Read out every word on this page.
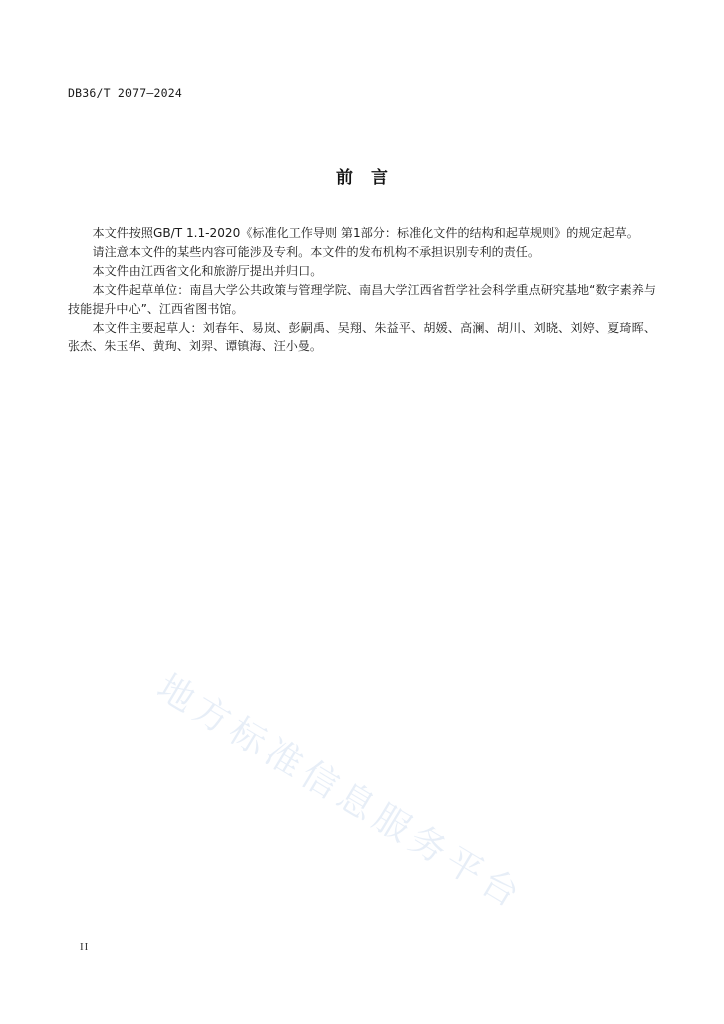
DB36/T 2077—2024
前 言

本文件按照GB/T 1.1-2020《标准化工作导则 第1部分：标准化文件的结构和起草规则》的规定起草。

请注意本文件的某些内容可能涉及专利。本文件的发布机构不承担识别专利的责任。

本文件由江西省文化和旅游厅提出并归口。

本文件起草单位：南昌大学公共政策与管理学院、南昌大学江西省哲学社会科学重点研究基地“数字素养与技能提升中心”、江西省图书馆。

本文件主要起草人：刘春年、易岚、彭嗣禹、吴翔、朱益平、胡媛、高澜、胡川、刘晓、刘婷、夏琦晖、张杰、朱玉华、黄珣、刘羿、谭镇海、汪小曼。

地方标准信息服务平台
II
